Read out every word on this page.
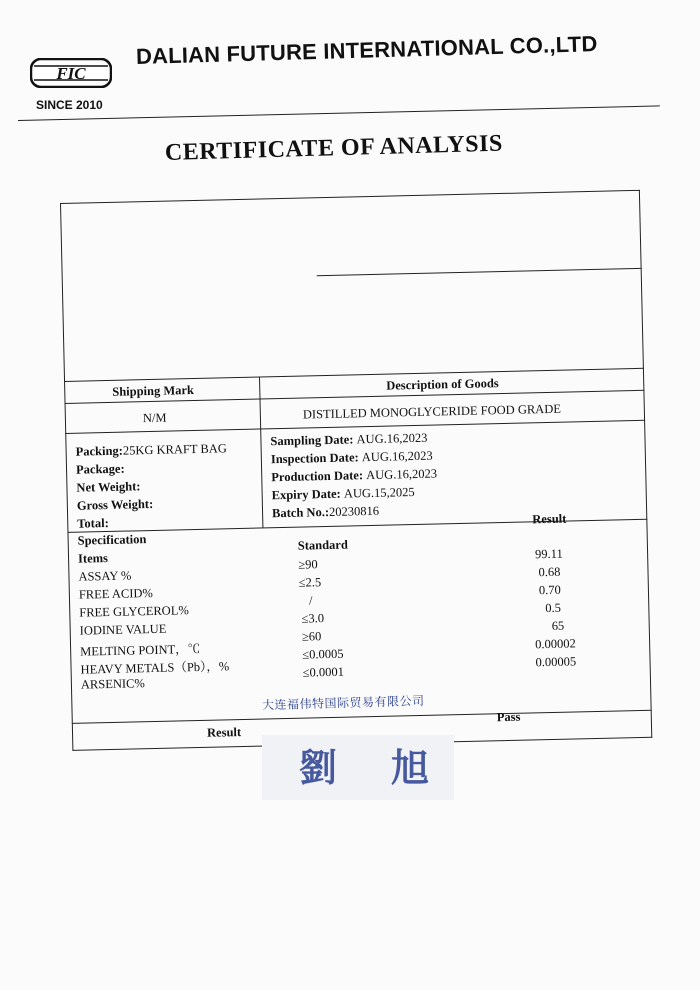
FIC
SINCE 2010
DALIAN FUTURE INTERNATIONAL CO.,LTD
CERTIFICATE OF ANALYSIS
Shipping Mark	Description of Goods
N/M	DISTILLED MONOGLYCERIDE FOOD GRADE
Packing:25KG KRAFT BAG
Package:
Net Weight:
Gross Weight:
Total:
Sampling Date: AUG.16,2023
Inspection Date: AUG.16,2023
Production Date: AUG.16,2023
Expiry Date: AUG.15,2025
Batch No.:20230816
Specification
Items
Standard
Result
ASSAY %
≥90
99.11
FREE ACID%
≤2.5
0.68
FREE GLYCEROL%
/
0.70
IODINE VALUE
≤3.0
0.5
MELTING POINT，℃
≥60
65
HEAVY METALS（Pb），%
≤0.0005
0.00002
ARSENIC%
≤0.0001
0.00005
Result
Pass
大连福伟特国际贸易有限公司
劉 旭
